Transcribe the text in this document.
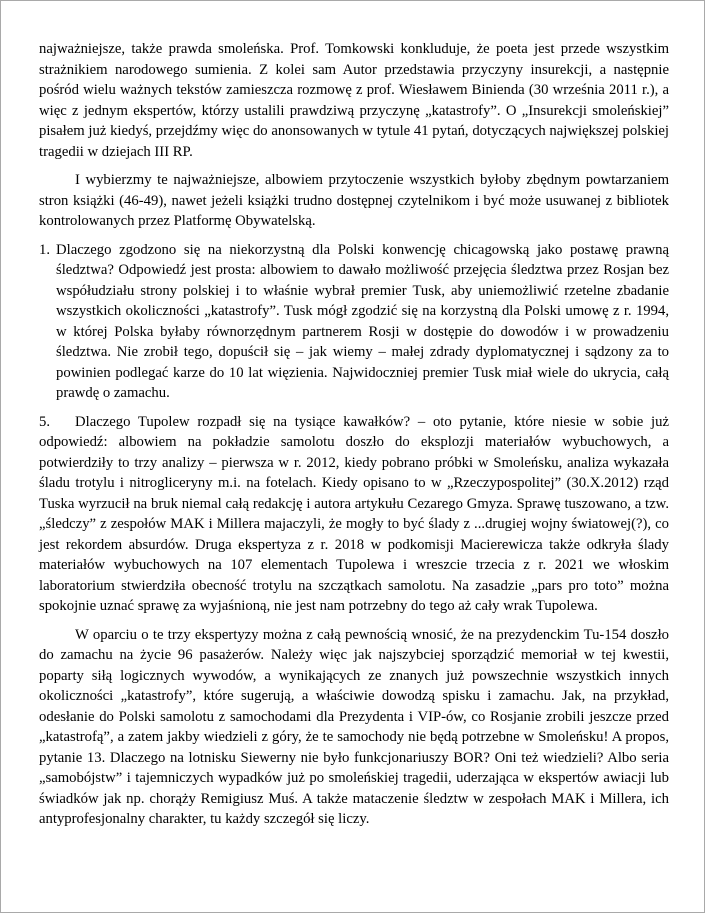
najważniejsze, także prawda smoleńska. Prof. Tomkowski konkluduje, że poeta jest przede wszystkim strażnikiem narodowego sumienia. Z kolei sam Autor przedstawia przyczyny insurekcji, a następnie pośród wielu ważnych tekstów zamieszcza rozmowę z prof. Wiesławem Binienda (30 września 2011 r.), a więc z jednym ekspertów, którzy ustalili prawdziwą przyczynę „katastrofy”. O „Insurekcji smoleńskiej” pisałem już kiedyś, przejdźmy więc do anonsowanych w tytule 41 pytań, dotyczących największej polskiej tragedii w dziejach III RP.

I wybierzmy te najważniejsze, albowiem przytoczenie wszystkich byłoby zbędnym powtarzaniem stron książki (46-49), nawet jeżeli książki trudno dostępnej czytelnikom i być może usuwanej z bibliotek kontrolowanych przez Platformę Obywatelską.

1. Dlaczego zgodzono się na niekorzystną dla Polski konwencję chicagowską jako postawę prawną śledztwa? Odpowiedź jest prosta: albowiem to dawało możliwość przejęcia śledztwa przez Rosjan bez współudziału strony polskiej i to właśnie wybrał premier Tusk, aby uniemożliwić rzetelne zbadanie wszystkich okoliczności „katastrofy”. Tusk mógł zgodzić się na korzystną dla Polski umowę z r. 1994, w której Polska byłaby równorzędnym partnerem Rosji w dostępie do dowodów i w prowadzeniu śledztwa. Nie zrobił tego, dopuścił się – jak wiemy – małej zdrady dyplomatycznej i sądzony za to powinien podlegać karze do 10 lat więzienia. Najwidoczniej premier Tusk miał wiele do ukrycia, całą prawdę o zamachu.
5. Dlaczego Tupolew rozpadł się na tysiące kawałków? – oto pytanie, które niesie w sobie już odpowiedź: albowiem na pokładzie samolotu doszło do eksplozji materiałów wybuchowych, a potwierdziły to trzy analizy – pierwsza w r. 2012, kiedy pobrano próbki w Smoleńsku, analiza wykazała śladu trotylu i nitrogliceryny m.i. na fotelach. Kiedy opisano to w „Rzeczypospolitej” (30.X.2012) rząd Tuska wyrzucił na bruk niemal całą redakcję i autora artykułu Cezarego Gmyza. Sprawę tuszowano, a tzw. „śledczy” z zespołów MAK i Millera majaczyli, że mogły to być ślady z ...drugiej wojny światowej(?), co jest rekordem absurdów. Druga ekspertyza z r. 2018 w podkomisji Macierewicza także odkryła ślady materiałów wybuchowych na 107 elementach Tupolewa i wreszcie trzecia z r. 2021 we włoskim laboratorium stwierdziła obecność trotylu na szczątkach samolotu. Na zasadzie „pars pro toto” można spokojnie uznać sprawę za wyjaśnioną, nie jest nam potrzebny do tego aż cały wrak Tupolewa.

W oparciu o te trzy ekspertyzy można z całą pewnością wnosić, że na prezydenckim Tu-154 doszło do zamachu na życie 96 pasażerów. Należy więc jak najszybciej sporządzić memoriał w tej kwestii, poparty siłą logicznych wywodów, a wynikających ze znanych już powszechnie wszystkich innych okoliczności „katastrofy”, które sugerują, a właściwie dowodzą spisku i zamachu. Jak, na przykład, odesłanie do Polski samolotu z samochodami dla Prezydenta i VIP-ów, co Rosjanie zrobili jeszcze przed „katastrofą”, a zatem jakby wiedzieli z góry, że te samochody nie będą potrzebne w Smoleńsku! A propos, pytanie 13. Dlaczego na lotnisku Siewerny nie było funkcjonariuszy BOR? Oni też wiedzieli? Albo seria „samobójstw” i tajemniczych wypadków już po smoleńskiej tragedii, uderzająca w ekspertów awiacji lub świadków jak np. chorąży Remigiusz Muś. A także mataczenie śledztw w zespołach MAK i Millera, ich antyprofesjonalny charakter, tu każdy szczegół się liczy.
